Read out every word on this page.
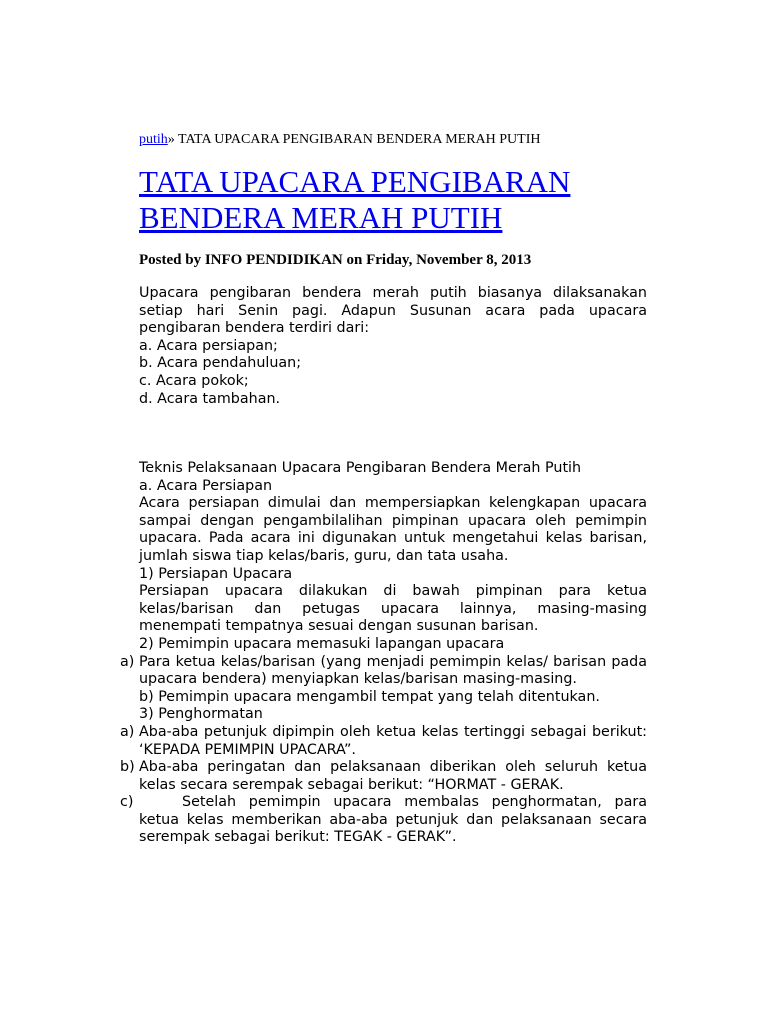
putih» TATA UPACARA PENGIBARAN BENDERA MERAH PUTIH
TATA UPACARA PENGIBARAN BENDERA MERAH PUTIH
Posted by INFO PENDIDIKAN on Friday, November 8, 2013
Upacara pengibaran bendera merah putih biasanya dilaksanakan setiap hari Senin pagi. Adapun Susunan acara pada upacara pengibaran bendera terdiri dari:
a. Acara persiapan;
b. Acara pendahuluan;
c. Acara pokok;
d. Acara tambahan.
Teknis Pelaksanaan Upacara Pengibaran Bendera Merah Putih
a. Acara Persiapan
Acara persiapan dimulai dan mempersiapkan kelengkapan upacara sampai dengan pengambilalihan pimpinan upacara oleh pemimpin upacara. Pada acara ini digunakan untuk mengetahui kelas barisan, jumlah siswa tiap kelas/baris, guru, dan tata usaha.
1) Persiapan Upacara
Persiapan upacara dilakukan di bawah pimpinan para ketua kelas/barisan dan petugas upacara lainnya, masing-masing menempati tempatnya sesuai dengan susunan barisan.
2) Pemimpin upacara memasuki lapangan upacara
a) Para ketua kelas/barisan (yang menjadi pemimpin kelas/ barisan pada upacara bendera) menyiapkan kelas/barisan masing-masing.
b) Pemimpin upacara mengambil tempat yang telah ditentukan.
3) Penghormatan
a) Aba-aba petunjuk dipimpin oleh ketua kelas tertinggi sebagai berikut: ‘KEPADA PEMIMPIN UPACARA”.
b) Aba-aba peringatan dan pelaksanaan diberikan oleh seluruh ketua kelas secara serempak sebagai berikut: “HORMAT - GERAK.
c)	Setelah pemimpin upacara membalas penghormatan, para ketua kelas memberikan aba-aba petunjuk dan pelaksanaan secara serempak sebagai berikut: TEGAK - GERAK”.
